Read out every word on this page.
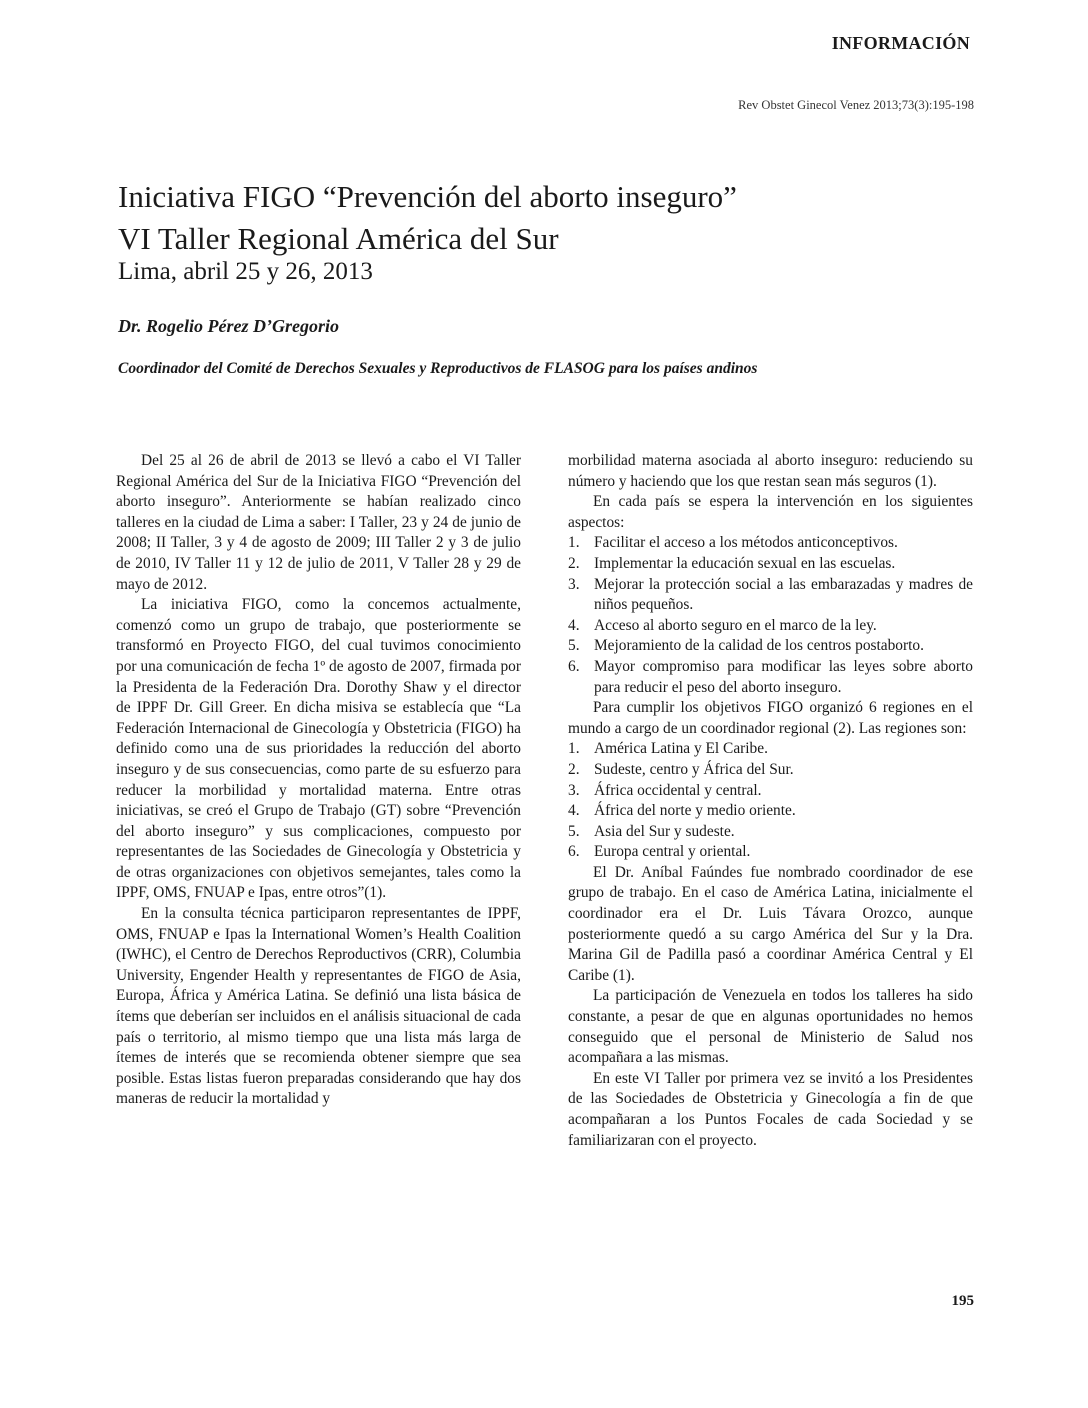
INFORMACIÓN
Rev Obstet Ginecol Venez 2013;73(3):195-198
Iniciativa FIGO “Prevención del aborto inseguro”
VI Taller Regional América del Sur
Lima, abril 25 y 26, 2013
Dr. Rogelio Pérez D’Gregorio
Coordinador del Comité de Derechos Sexuales y Reproductivos de FLASOG para los países andinos

Del 25 al 26 de abril de 2013 se llevó a cabo el VI Taller Regional América del Sur de la Iniciativa FIGO “Prevención del aborto inseguro”. Anteriormente se habían realizado cinco talleres en la ciudad de Lima a saber: I Taller, 23 y 24 de junio de 2008; II Taller, 3 y 4 de agosto de 2009; III Taller 2 y 3 de julio de 2010, IV Taller 11 y 12 de julio de 2011, V Taller 28 y 29 de mayo de 2012.

La iniciativa FIGO, como la concemos actualmente, comenzó como un grupo de trabajo, que posteriormente se transformó en Proyecto FIGO, del cual tuvimos conocimiento por una comunicación de fecha 1º de agosto de 2007, firmada por la Presidenta de la Federación Dra. Dorothy Shaw y el director de IPPF Dr. Gill Greer. En dicha misiva se establecía que “La Federación Internacional de Ginecología y Obstetricia (FIGO) ha definido como una de sus prioridades la reducción del aborto inseguro y de sus consecuencias, como parte de su esfuerzo para reducer la morbilidad y mortalidad materna. Entre otras iniciativas, se creó el Grupo de Trabajo (GT) sobre “Prevención del aborto inseguro” y sus complicaciones, compuesto por representantes de las Sociedades de Ginecología y Obstetricia y de otras organizaciones con objetivos semejantes, tales como la IPPF, OMS, FNUAP e Ipas, entre otros”(1).

En la consulta técnica participaron representantes de IPPF, OMS, FNUAP e Ipas la International Women’s Health Coalition (IWHC), el Centro de Derechos Reproductivos (CRR), Columbia University, Engender Health y representantes de FIGO de Asia, Europa, África y América Latina. Se definió una lista básica de ítems que deberían ser incluidos en el análisis situacional de cada país o territorio, al mismo tiempo que una lista más larga de ítemes de interés que se recomienda obtener siempre que sea posible. Estas listas fueron preparadas considerando que hay dos maneras de reducir la mortalidad y

morbilidad materna asociada al aborto inseguro: reduciendo su número y haciendo que los que restan sean más seguros (1).

En cada país se espera la intervención en los siguientes aspectos:

1. Facilitar el acceso a los métodos anticonceptivos.
2. Implementar la educación sexual en las escuelas.
3. Mejorar la protección social a las embarazadas y madres de niños pequeños.
4. Acceso al aborto seguro en el marco de la ley.
5. Mejoramiento de la calidad de los centros postaborto.
6. Mayor compromiso para modificar las leyes sobre aborto para reducir el peso del aborto inseguro.

Para cumplir los objetivos FIGO organizó 6 regiones en el mundo a cargo de un coordinador regional (2). Las regiones son:

1. América Latina y El Caribe.
2. Sudeste, centro y África del Sur.
3. África occidental y central.
4. África del norte y medio oriente.
5. Asia del Sur y sudeste.
6. Europa central y oriental.

El Dr. Aníbal Faúndes fue nombrado coordinador de ese grupo de trabajo. En el caso de América Latina, inicialmente el coordinador era el Dr. Luis Távara Orozco, aunque posteriormente quedó a su cargo América del Sur y la Dra. Marina Gil de Padilla pasó a coordinar América Central y El Caribe (1).

La participación de Venezuela en todos los talleres ha sido constante, a pesar de que en algunas oportunidades no hemos conseguido que el personal de Ministerio de Salud nos acompañara a las mismas.

En este VI Taller por primera vez se invitó a los Presidentes de las Sociedades de Obstetricia y Ginecología a fin de que acompañaran a los Puntos Focales de cada Sociedad y se familiarizaran con el proyecto.

195
